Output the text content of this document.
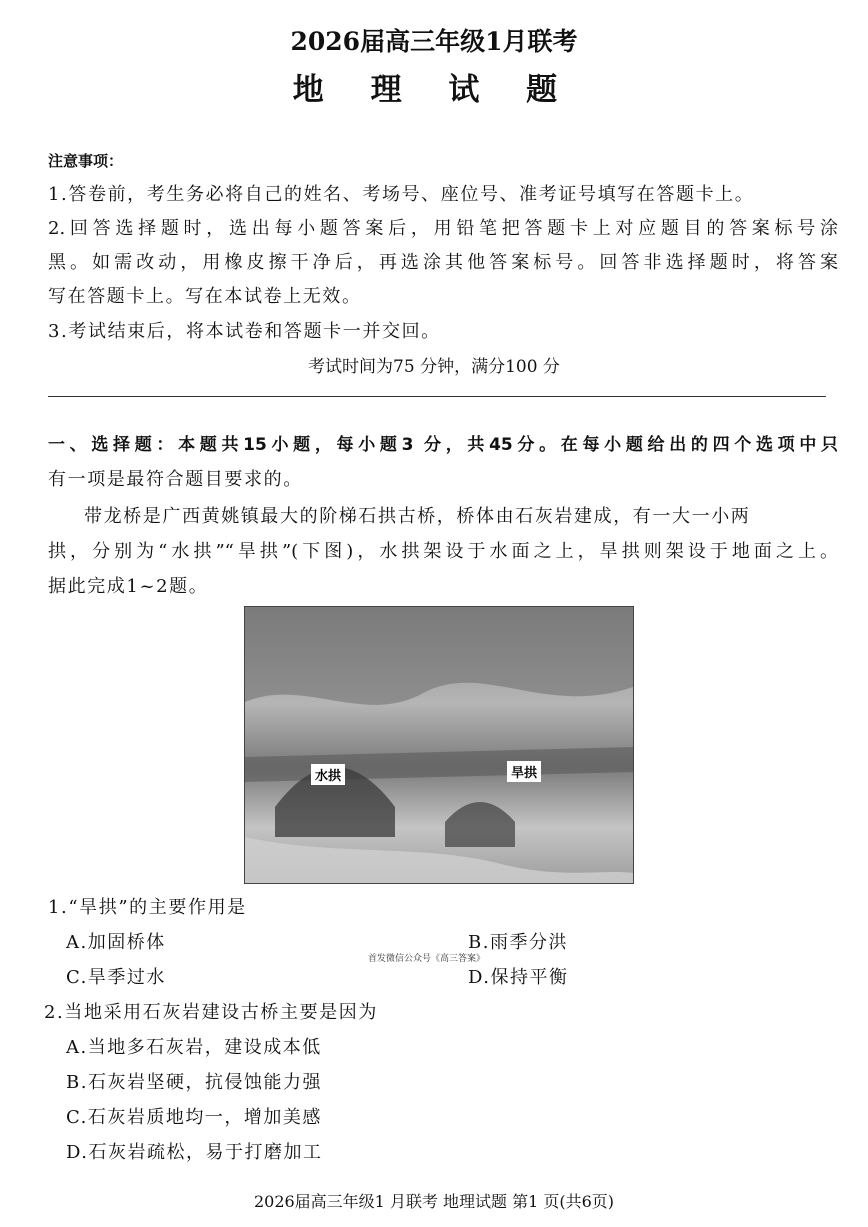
2026届高三年级1月联考
地 理 试 题
注意事项：
1.答卷前，考生务必将自己的姓名、考场号、座位号、准考证号填写在答题卡上。
2.回答选择题时，选出每小题答案后，用铅笔把答题卡上对应题目的答案标号涂
黑。如需改动，用橡皮擦干净后，再选涂其他答案标号。回答非选择题时，将答案
写在答题卡上。写在本试卷上无效。
3.考试结束后，将本试卷和答题卡一并交回。
考试时间为75 分钟，满分100 分
一、选择题：本题共15小题，每小题3 分，共45分。在每小题给出的四个选项中只
有一项是最符合题目要求的。
带龙桥是广西黄姚镇最大的阶梯石拱古桥，桥体由石灰岩建成，有一大一小两
拱，分别为“水拱”“旱拱”(下图)，水拱架设于水面之上，旱拱则架设于地面之上。
据此完成1~2题。
水拱	旱拱
1.“旱拱”的主要作用是
A.加固桥体	B.雨季分洪
首发微信公众号《高三答案》
C.旱季过水	D.保持平衡
2.当地采用石灰岩建设古桥主要是因为
A.当地多石灰岩，建设成本低
B.石灰岩坚硬，抗侵蚀能力强
C.石灰岩质地均一，增加美感
D.石灰岩疏松，易于打磨加工
2026届高三年级1 月联考 地理试题 第1 页(共6页)
